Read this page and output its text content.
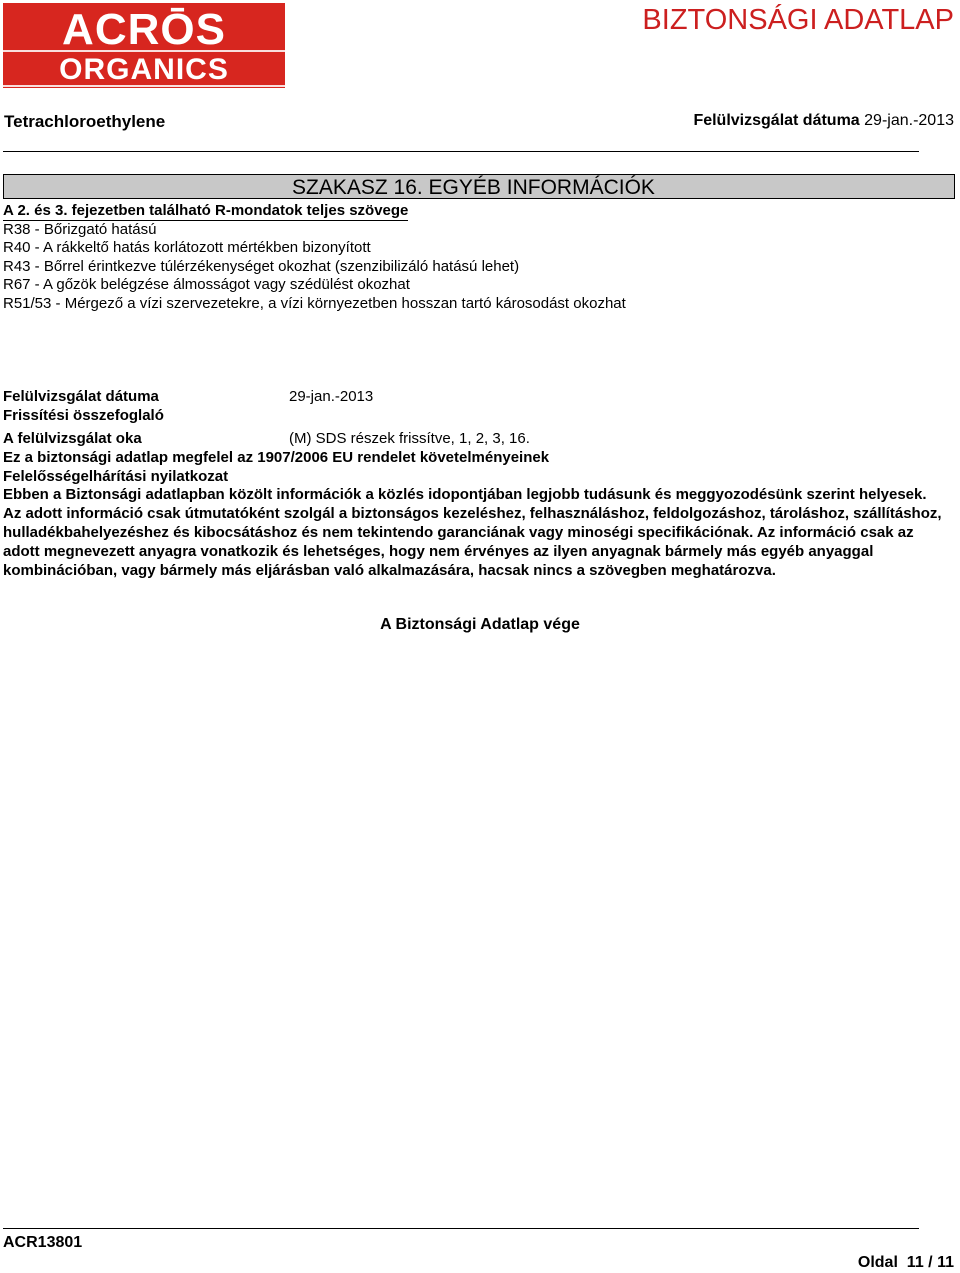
ACRŌS
ORGANICS
BIZTONSÁGI ADATLAP
Tetrachloroethylene	Felülvizsgálat dátuma 29-jan.-2013
SZAKASZ 16. EGYÉB INFORMÁCIÓK
A 2. és 3. fejezetben található R-mondatok teljes szövege
R38 - Bőrizgató hatású
R40 - A rákkeltő hatás korlátozott mértékben bizonyított
R43 - Bőrrel érintkezve túlérzékenységet okozhat (szenzibilizáló hatású lehet)
R67 - A gőzök belégzése álmosságot vagy szédülést okozhat
R51/53 - Mérgező a vízi szervezetekre, a vízi környezetben hosszan tartó károsodást okozhat
Felülvizsgálat dátuma	29-jan.-2013
Frissítési összefoglaló
A felülvizsgálat oka	(M) SDS részek frissítve, 1, 2, 3, 16.
Ez a biztonsági adatlap megfelel az 1907/2006 EU rendelet követelményeinek
Felelősségelhárítási nyilatkozat

Ebben a Biztonsági adatlapban közölt információk a közlés idopontjában legjobb tudásunk és meggyozodésünk szerint helyesek. Az adott információ csak útmutatóként szolgál a biztonságos kezeléshez, felhasználáshoz, feldolgozáshoz, tároláshoz, szállításhoz, hulladékbahelyezéshez és kibocsátáshoz és nem tekintendo garanciának vagy minoségi specifikációnak. Az információ csak az adott megnevezett anyagra vonatkozik és lehetséges, hogy nem érvényes az ilyen anyagnak bármely más egyéb anyaggal kombinációban, vagy bármely más eljárásban való alkalmazására, hacsak nincs a szövegben meghatározva.

A Biztonsági Adatlap vége
ACR13801
Oldal 11 / 11
